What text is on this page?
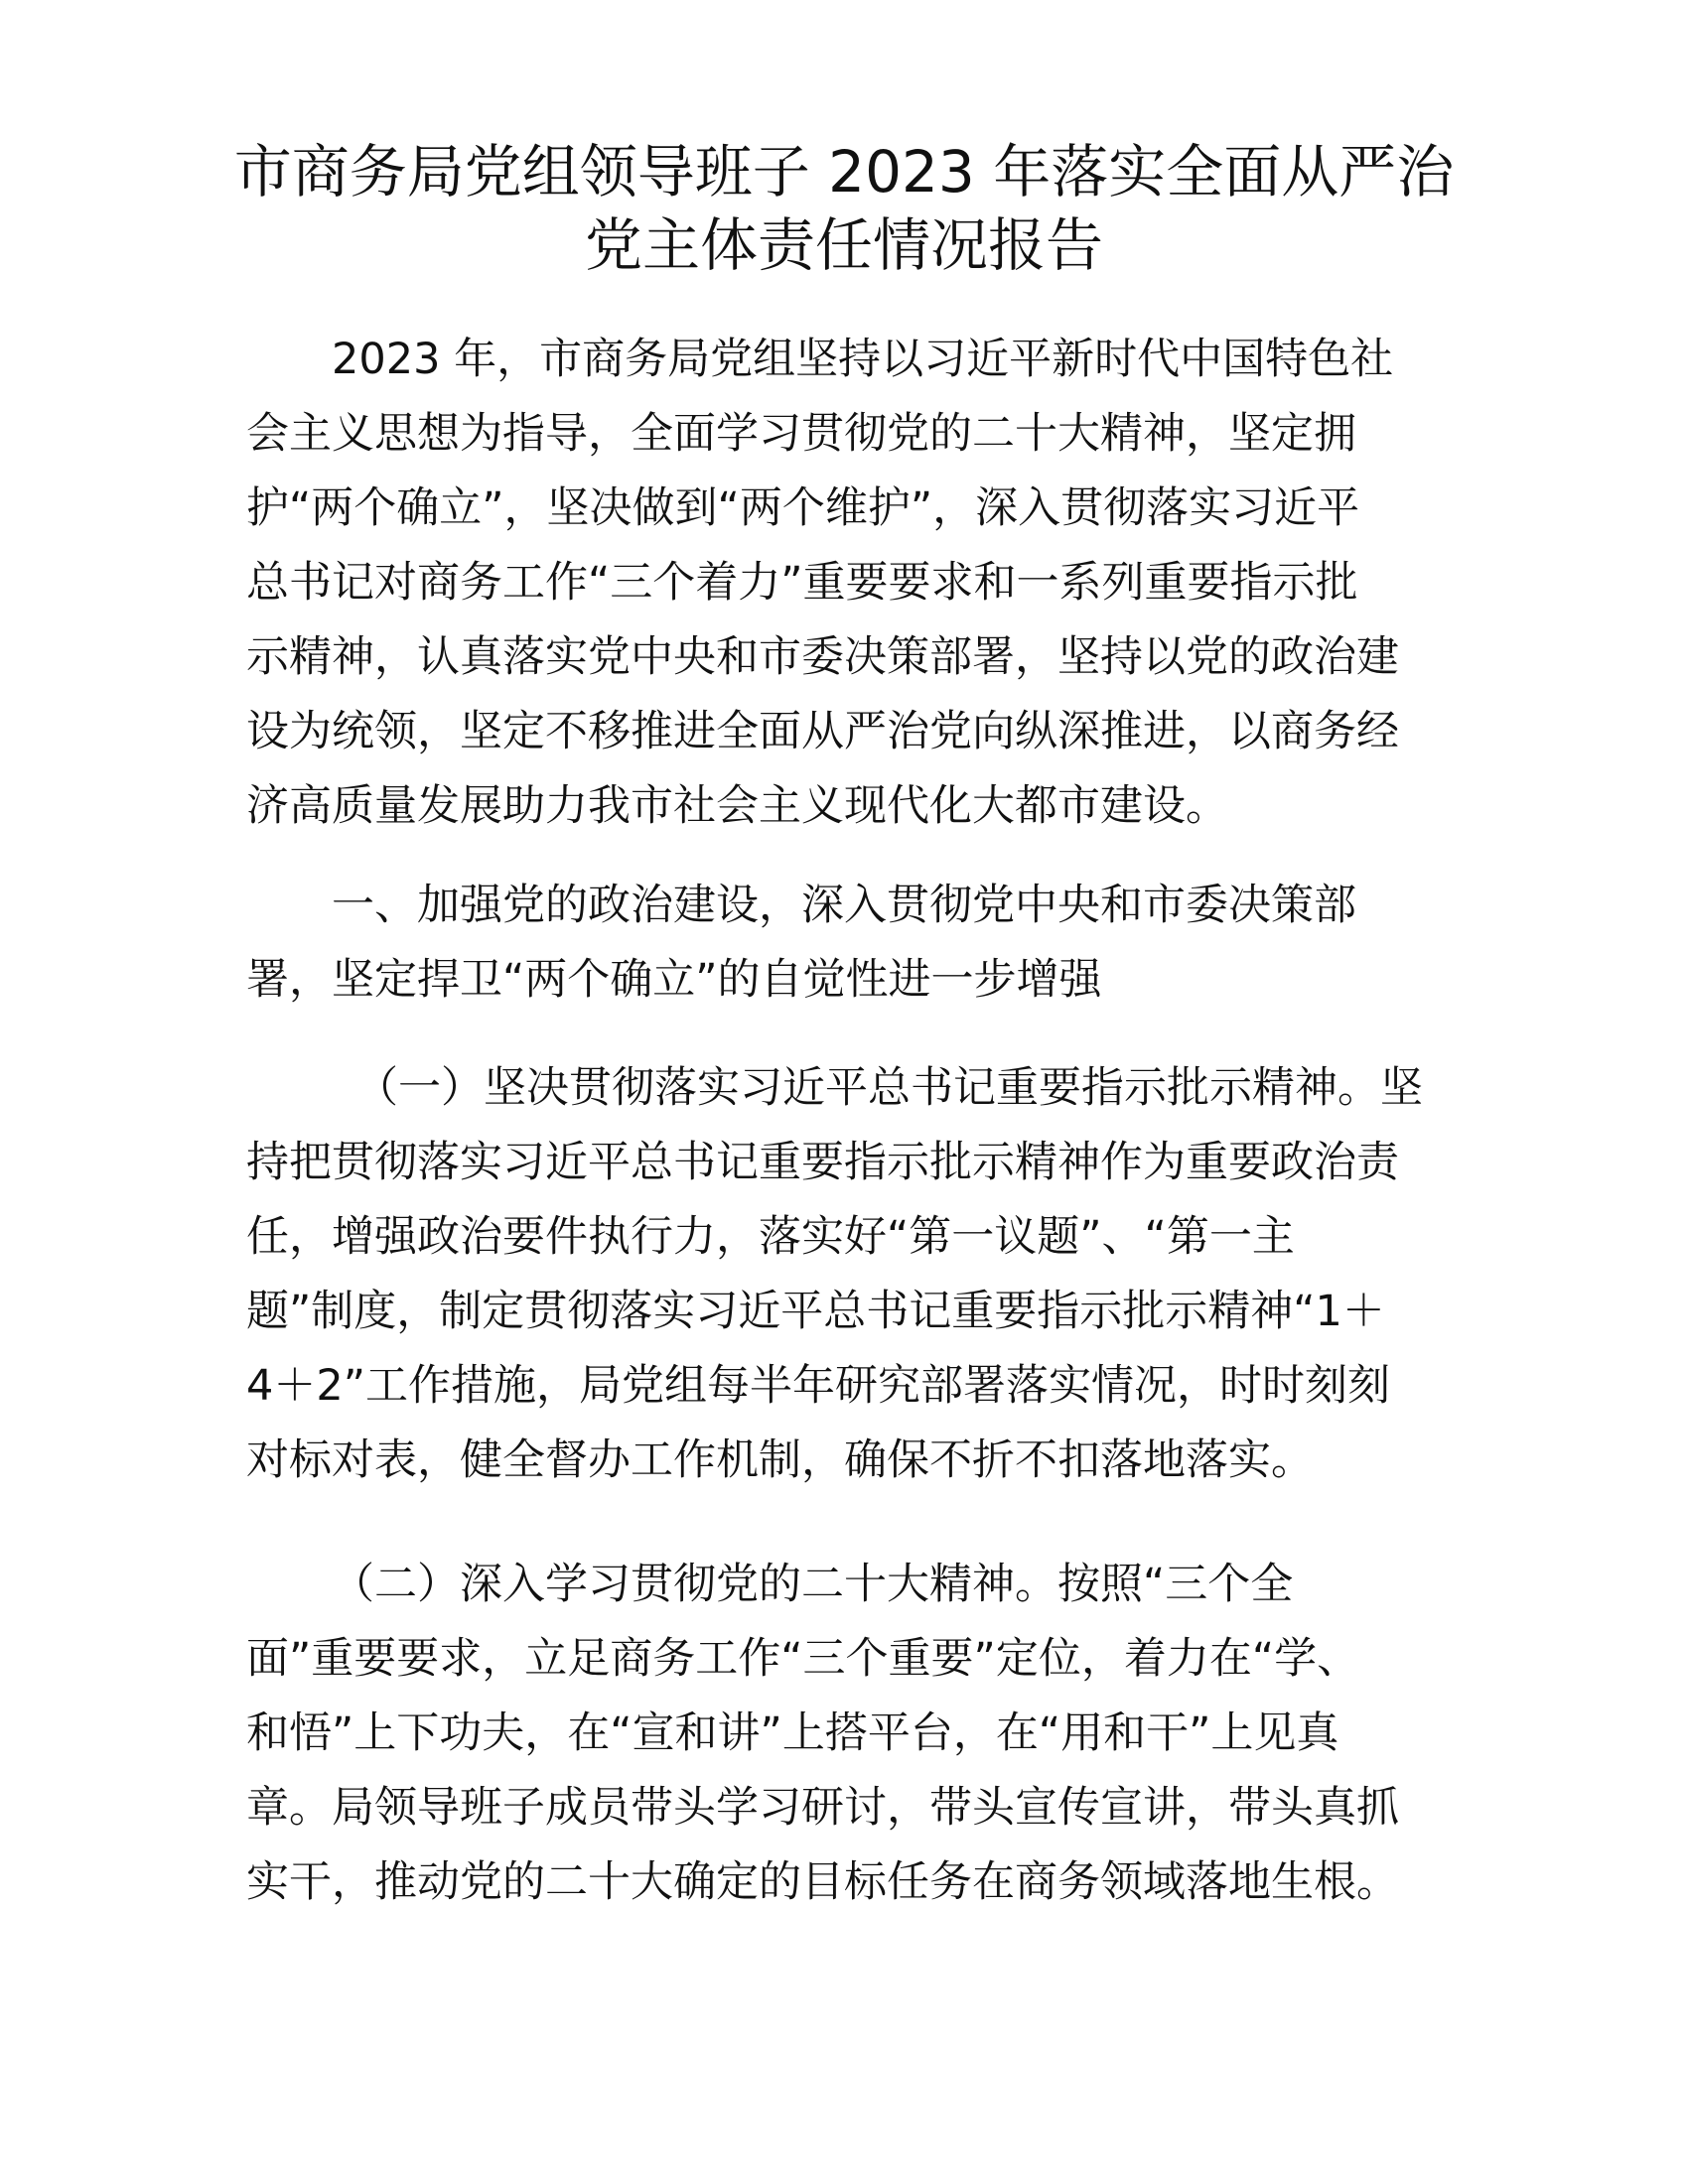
市商务局党组领导班子 2023 年落实全面从严治
党主体责任情况报告
2023 年，市商务局党组坚持以习近平新时代中国特色社
会主义思想为指导，全面学习贯彻党的二十大精神，坚定拥
护“两个确立”，坚决做到“两个维护”，深入贯彻落实习近平
总书记对商务工作“三个着力”重要要求和一系列重要指示批
示精神，认真落实党中央和市委决策部署，坚持以党的政治建
设为统领，坚定不移推进全面从严治党向纵深推进，以商务经
济高质量发展助力我市社会主义现代化大都市建设。
一、加强党的政治建设，深入贯彻党中央和市委决策部
署，坚定捍卫“两个确立”的自觉性进一步增强
（一）坚决贯彻落实习近平总书记重要指示批示精神。坚
持把贯彻落实习近平总书记重要指示批示精神作为重要政治责
任，增强政治要件执行力，落实好“第一议题”、“第一主
题”制度，制定贯彻落实习近平总书记重要指示批示精神“1＋
4＋2”工作措施，局党组每半年研究部署落实情况，时时刻刻
对标对表，健全督办工作机制，确保不折不扣落地落实。
（二）深入学习贯彻党的二十大精神。按照“三个全
面”重要要求，立足商务工作“三个重要”定位，着力在“学、
和悟”上下功夫，在“宣和讲”上搭平台，在“用和干”上见真
章。局领导班子成员带头学习研讨，带头宣传宣讲，带头真抓
实干，推动党的二十大确定的目标任务在商务领域落地生根。
